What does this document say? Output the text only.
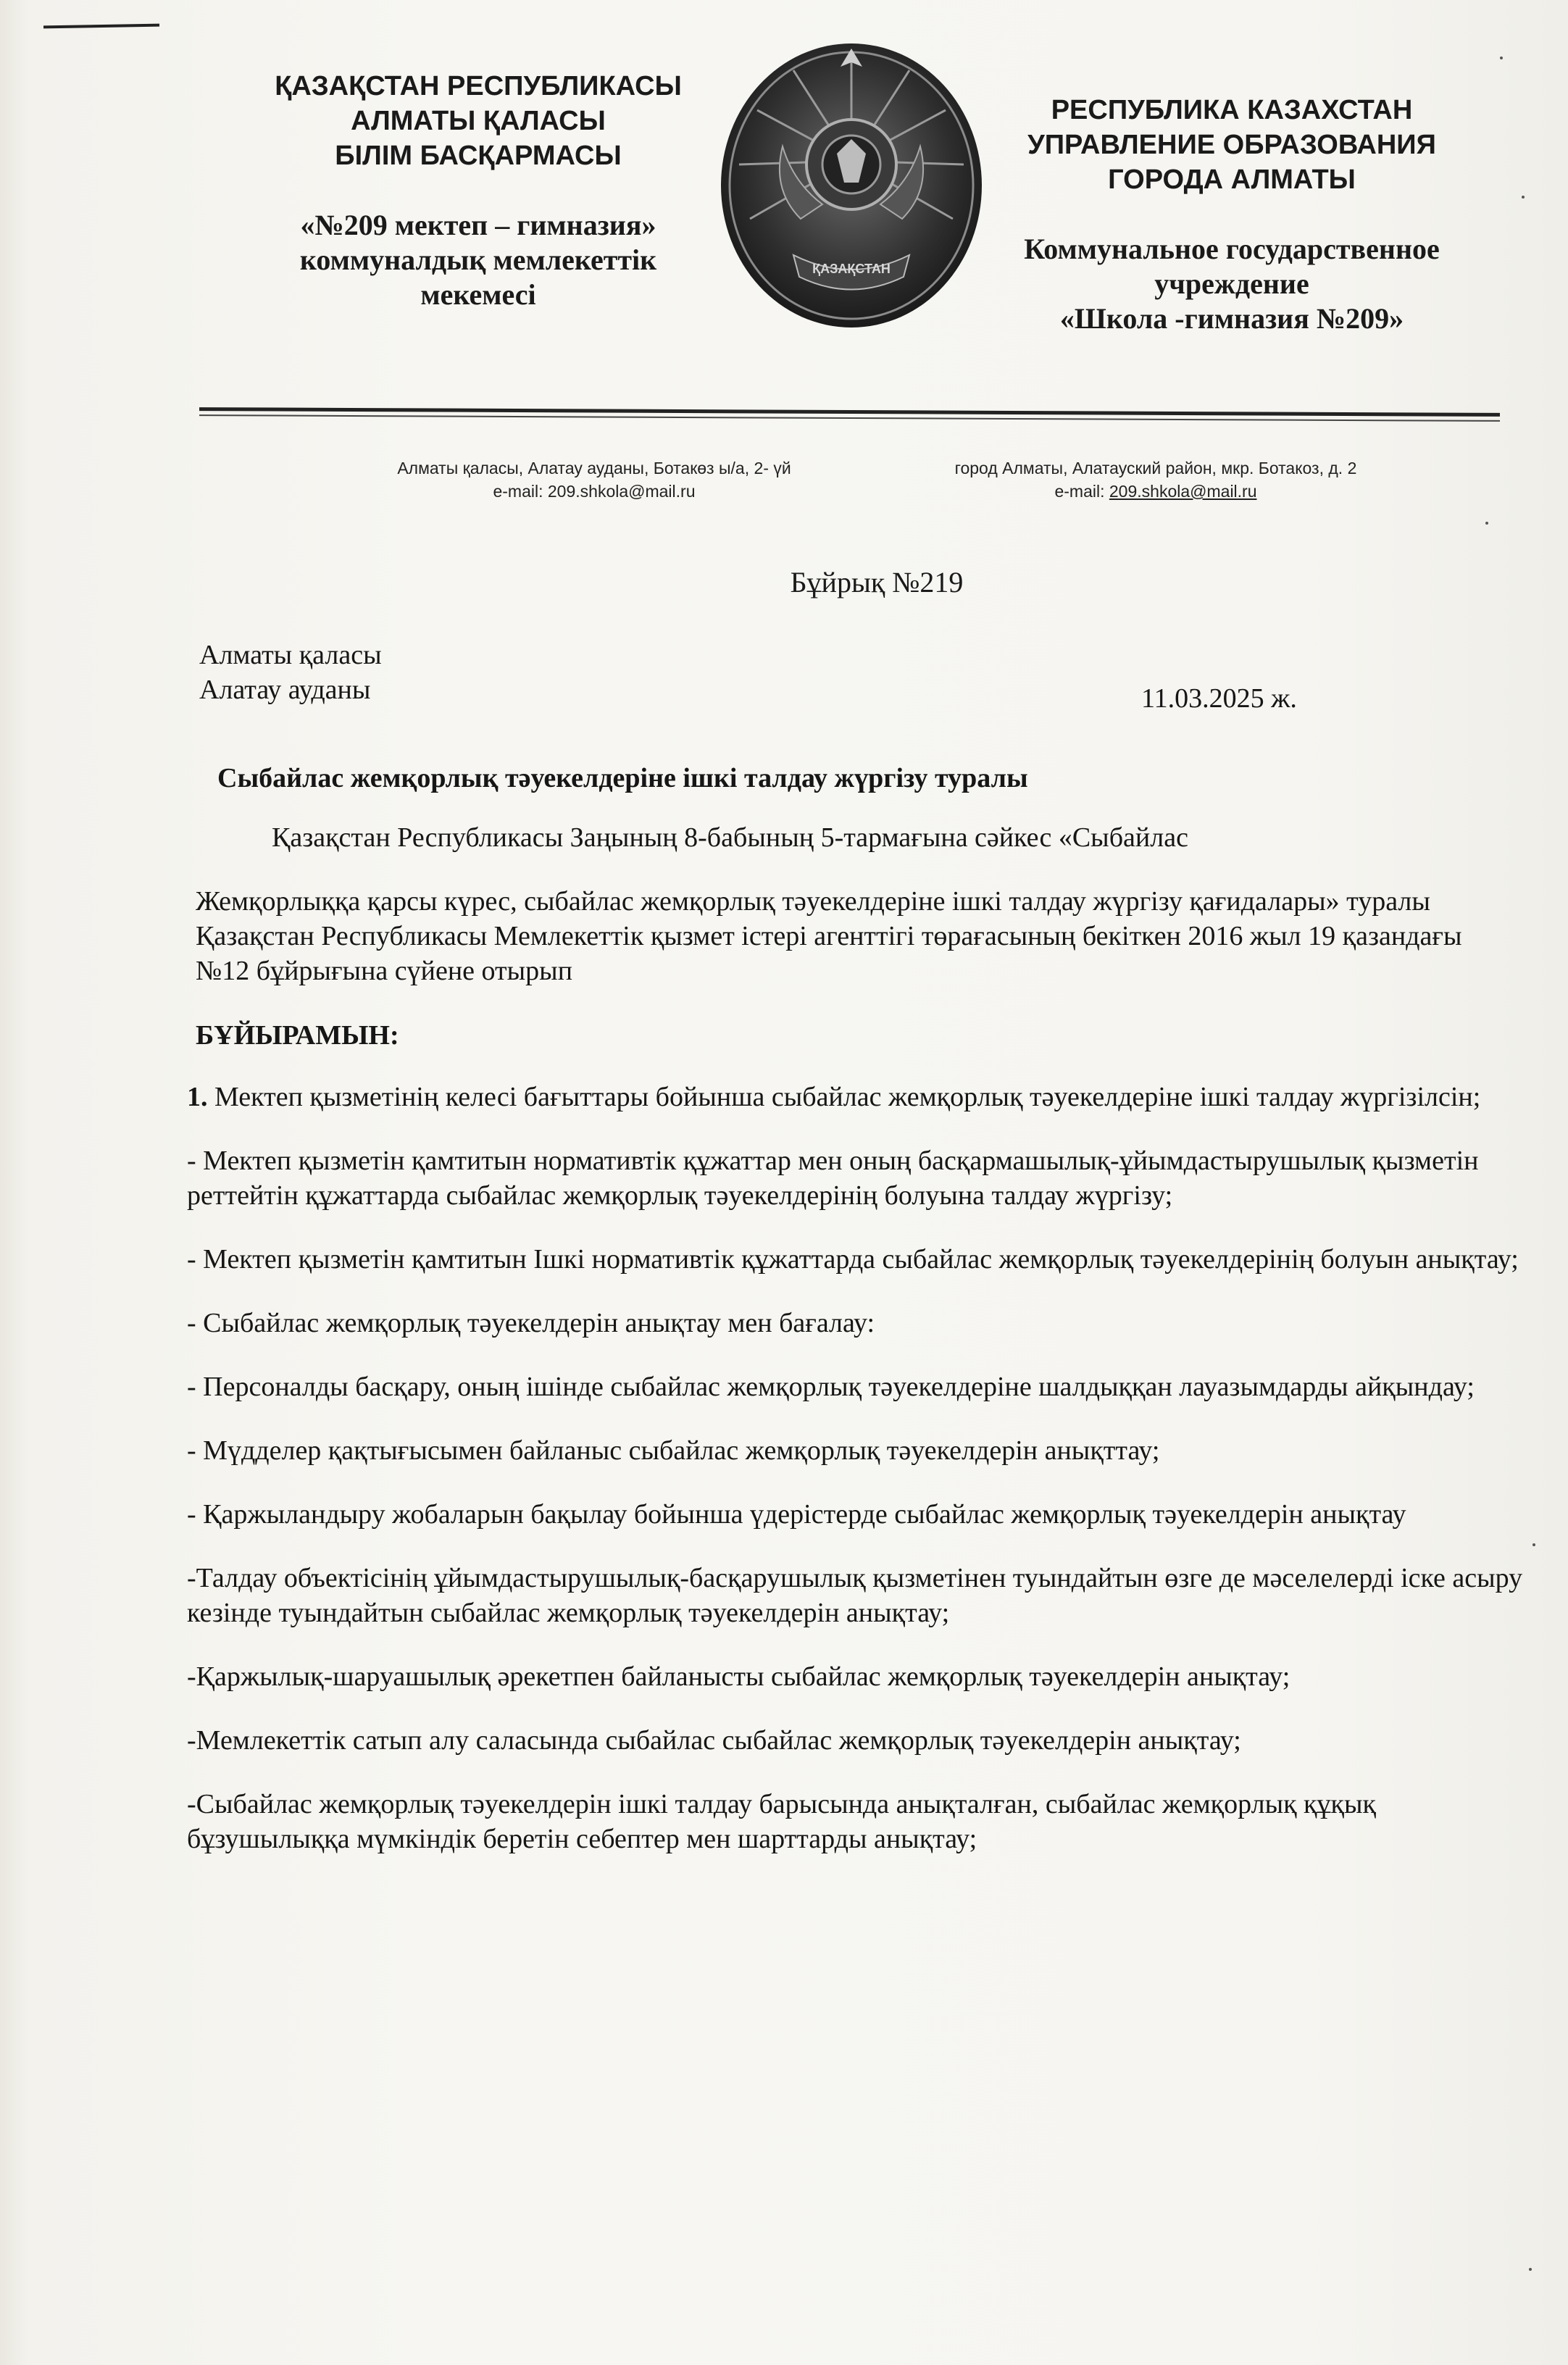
ҚАЗАҚСТАН РЕСПУБЛИКАСЫ
АЛМАТЫ ҚАЛАСЫ
БІЛІМ БАСҚАРМАСЫ
«№209 мектеп – гимназия»
коммуналдық мемлекеттік
мекемесі
ҚАЗАҚСТАН
РЕСПУБЛИКА КАЗАХСТАН
УПРАВЛЕНИЕ ОБРАЗОВАНИЯ
ГОРОДА АЛМАТЫ
Коммунальное государственное
учреждение
«Школа -гимназия №209»
Алматы қаласы, Алатау ауданы, Ботакөз ы/а, 2- үй
e-mail: 209.shkola@mail.ru
город Алматы, Алатауский район, мкр. Ботакоз, д. 2
e-mail: 209.shkola@mail.ru
Бұйрық №219
Алматы қаласы
Алатау ауданы	11.03.2025 ж.
Сыбайлас жемқорлық тәуекелдеріне ішкі талдау жүргізу туралы
Қазақстан Республикасы Заңының 8-бабының 5-тармағына сәйкес «Сыбайлас
Жемқорлыққа қарсы күрес, сыбайлас жемқорлық тәуекелдеріне ішкі талдау жүргізу қағидалары» туралы Қазақстан Республикасы Мемлекеттік қызмет істері агенттігі төрағасының бекіткен 2016 жыл 19 қазандағы №12 бұйрығына сүйене отырып
БҰЙЫРАМЫН:

1. Мектеп қызметінің келесі бағыттары бойынша сыбайлас жемқорлық тәуекелдеріне ішкі талдау жүргізілсін;

- Мектеп қызметін қамтитын нормативтік құжаттар мен оның басқармашылық-ұйымдастырушылық қызметін реттейтін құжаттарда сыбайлас жемқорлық тәуекелдерінің болуына талдау жүргізу;

- Мектеп қызметін қамтитын Ішкі нормативтік құжаттарда сыбайлас жемқорлық тәуекелдерінің болуын анықтау;

- Сыбайлас жемқорлық тәуекелдерін анықтау мен бағалау:

- Персоналды басқару, оның ішінде сыбайлас жемқорлық тәуекелдеріне шалдыққан лауазымдарды айқындау;

- Мүдделер қақтығысымен байланыс сыбайлас жемқорлық тәуекелдерін анықттау;

- Қаржыландыру жобаларын бақылау бойынша үдерістерде сыбайлас жемқорлық тәуекелдерін анықтау

-Талдау объектісінің ұйымдастырушылық-басқарушылық қызметінен туындайтын өзге де мәселелерді іске асыру кезінде туындайтын сыбайлас жемқорлық тәуекелдерін анықтау;

-Қаржылық-шаруашылық әрекетпен байланысты сыбайлас жемқорлық тәуекелдерін анықтау;

-Мемлекеттік сатып алу саласында сыбайлас сыбайлас жемқорлық тәуекелдерін анықтау;

-Сыбайлас жемқорлық тәуекелдерін ішкі талдау барысында анықталған, сыбайлас жемқорлық құқық бұзушылыққа мүмкіндік беретін себептер мен шарттарды анықтау;
